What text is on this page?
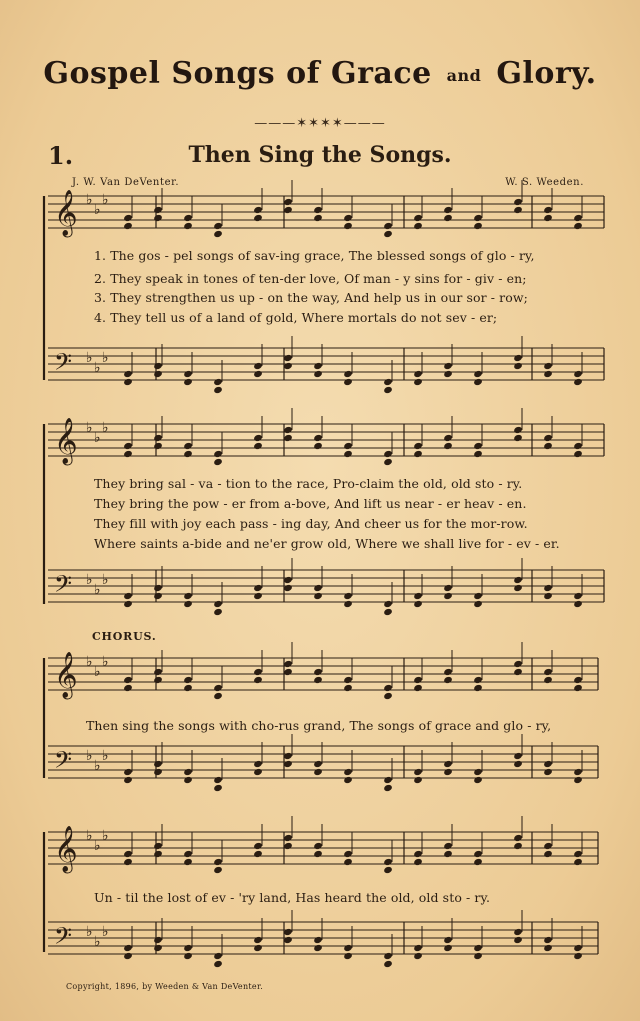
Gospel Songs of Grace and Glory.
———✶✶✶✶———
1.	Then Sing the Songs.
J. W. Van DeVenter.	W. S. Weeden.
𝄞 ♭
♭
♭
𝄢 ♭
♭
♭
𝄞 ♭
♭
♭
𝄢 ♭
♭
♭
𝄞 ♭
♭
♭
𝄢 ♭
♭
♭
𝄞 ♭
♭
♭
𝄢 ♭
♭
♭
1. The gos - pel songs of sav-ing grace, The blessed songs of glo - ry,
2. They speak in tones of ten-der love, Of man - y sins for - giv - en;
3. They strengthen us up - on the way, And help us in our sor - row;
4. They tell us of a land of gold, Where mortals do not sev - er;
They bring sal - va - tion to the race, Pro-claim the old, old sto - ry.
They bring the pow - er from a-bove, And lift us near - er heav - en.
They fill with joy each pass - ing day, And cheer us for the mor-row.
Where saints a-bide and ne'er grow old, Where we shall live for - ev - er.
CHORUS.
Then sing the songs with cho-rus grand, The songs of grace and glo - ry,
Un - til the lost of ev - 'ry land, Has heard the old, old sto - ry.
Copyright, 1896, by Weeden & Van DeVenter.
